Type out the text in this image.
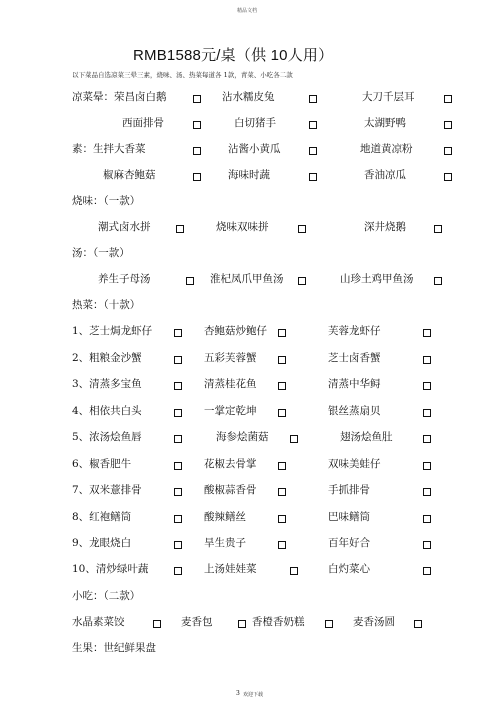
精品文档
RMB1588元/桌（供 10人用）
以下菜品自选凉菜三晕三素，烧味、汤、热菜每道各 1款，青菜、小吃各二款
凉菜晕：荣昌卤白鹅	沾水糯皮兔	大刀千层耳
西面排骨	白切猪手	太湖野鸭
素：生拌大香菜	沾酱小黄瓜	地道黄凉粉
椒麻杏鲍菇	海味时蔬	香油凉瓜
烧味：（一款）
潮式卤水拼	烧味双味拼	深井烧鹅
汤：（一款）
养生子母汤	淮杞凤爪甲鱼汤	山珍土鸡甲鱼汤
热菜：（十款）
1、芝士焗龙虾仔	杏鲍菇炒鲍仔	芙蓉龙虾仔
2、粗粮金沙蟹	五彩芙蓉蟹	芝士卤香蟹
3、清蒸多宝鱼	清蒸桂花鱼	清蒸中华鲟
4、相依共白头	一掌定乾坤	银丝蒸扇贝
5、浓汤烩鱼唇	海参烩菌菇	翅汤烩鱼肚
6、椒香肥牛	花椒去骨掌	双味美蛙仔
7、双米薏排骨	酸椒蒜香骨	手抓排骨
8、红袍鳝筒	酸辣鳝丝	巴味鳝筒
9、龙眼烧白	旱生贵子	百年好合
10、清炒绿叶蔬	上汤娃娃菜	白灼菜心
小吃：（二款）
水晶素菜饺	麦香包	香橙香奶糕	麦香汤圆
生果：世纪鲜果盘
3 欢迎下载
